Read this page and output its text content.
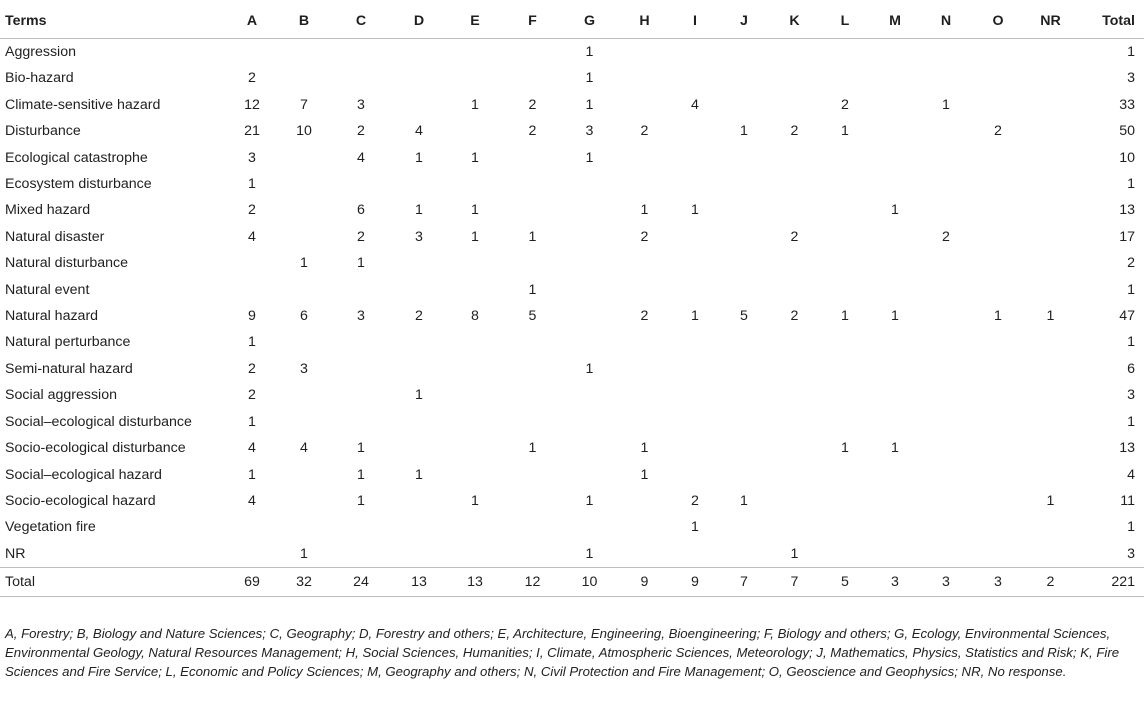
Terms	A	B	C	D	E	F	G	H	I	J	K	L	M	N	O	NR	Total
Aggression							1										1
Bio-hazard	2						1										3
Climate-sensitive hazard	12	7	3		1	2	1		4			2		1			33
Disturbance	21	10	2	4		2	3	2		1	2	1			2		50
Ecological catastrophe	3		4	1	1		1										10
Ecosystem disturbance	1																1
Mixed hazard	2		6	1	1			1	1				1				13
Natural disaster	4		2	3	1	1		2			2			2			17
Natural disturbance		1	1														2
Natural event						1											1
Natural hazard	9	6	3	2	8	5		2	1	5	2	1	1		1	1	47
Natural perturbance	1																1
Semi-natural hazard	2	3					1										6
Social aggression	2			1													3
Social–ecological disturbance	1																1
Socio-ecological disturbance	4	4	1			1		1				1	1				13
Social–ecological hazard	1		1	1				1									4
Socio-ecological hazard	4		1		1		1		2	1						1	11
Vegetation fire									1								1
NR		1					1				1						3
Total	69	32	24	13	13	12	10	9	9	7	7	5	3	3	3	2	221
A, Forestry; B, Biology and Nature Sciences; C, Geography; D, Forestry and others; E, Architecture, Engineering, Bioengineering; F, Biology and others; G, Ecology, Environmental Sciences, Environmental Geology, Natural Resources Management; H, Social Sciences, Humanities; I, Climate, Atmospheric Sciences, Meteorology; J, Mathematics, Physics, Statistics and Risk; K, Fire Sciences and Fire Service; L, Economic and Policy Sciences; M, Geography and others; N, Civil Protection and Fire Management; O, Geoscience and Geophysics; NR, No response.
